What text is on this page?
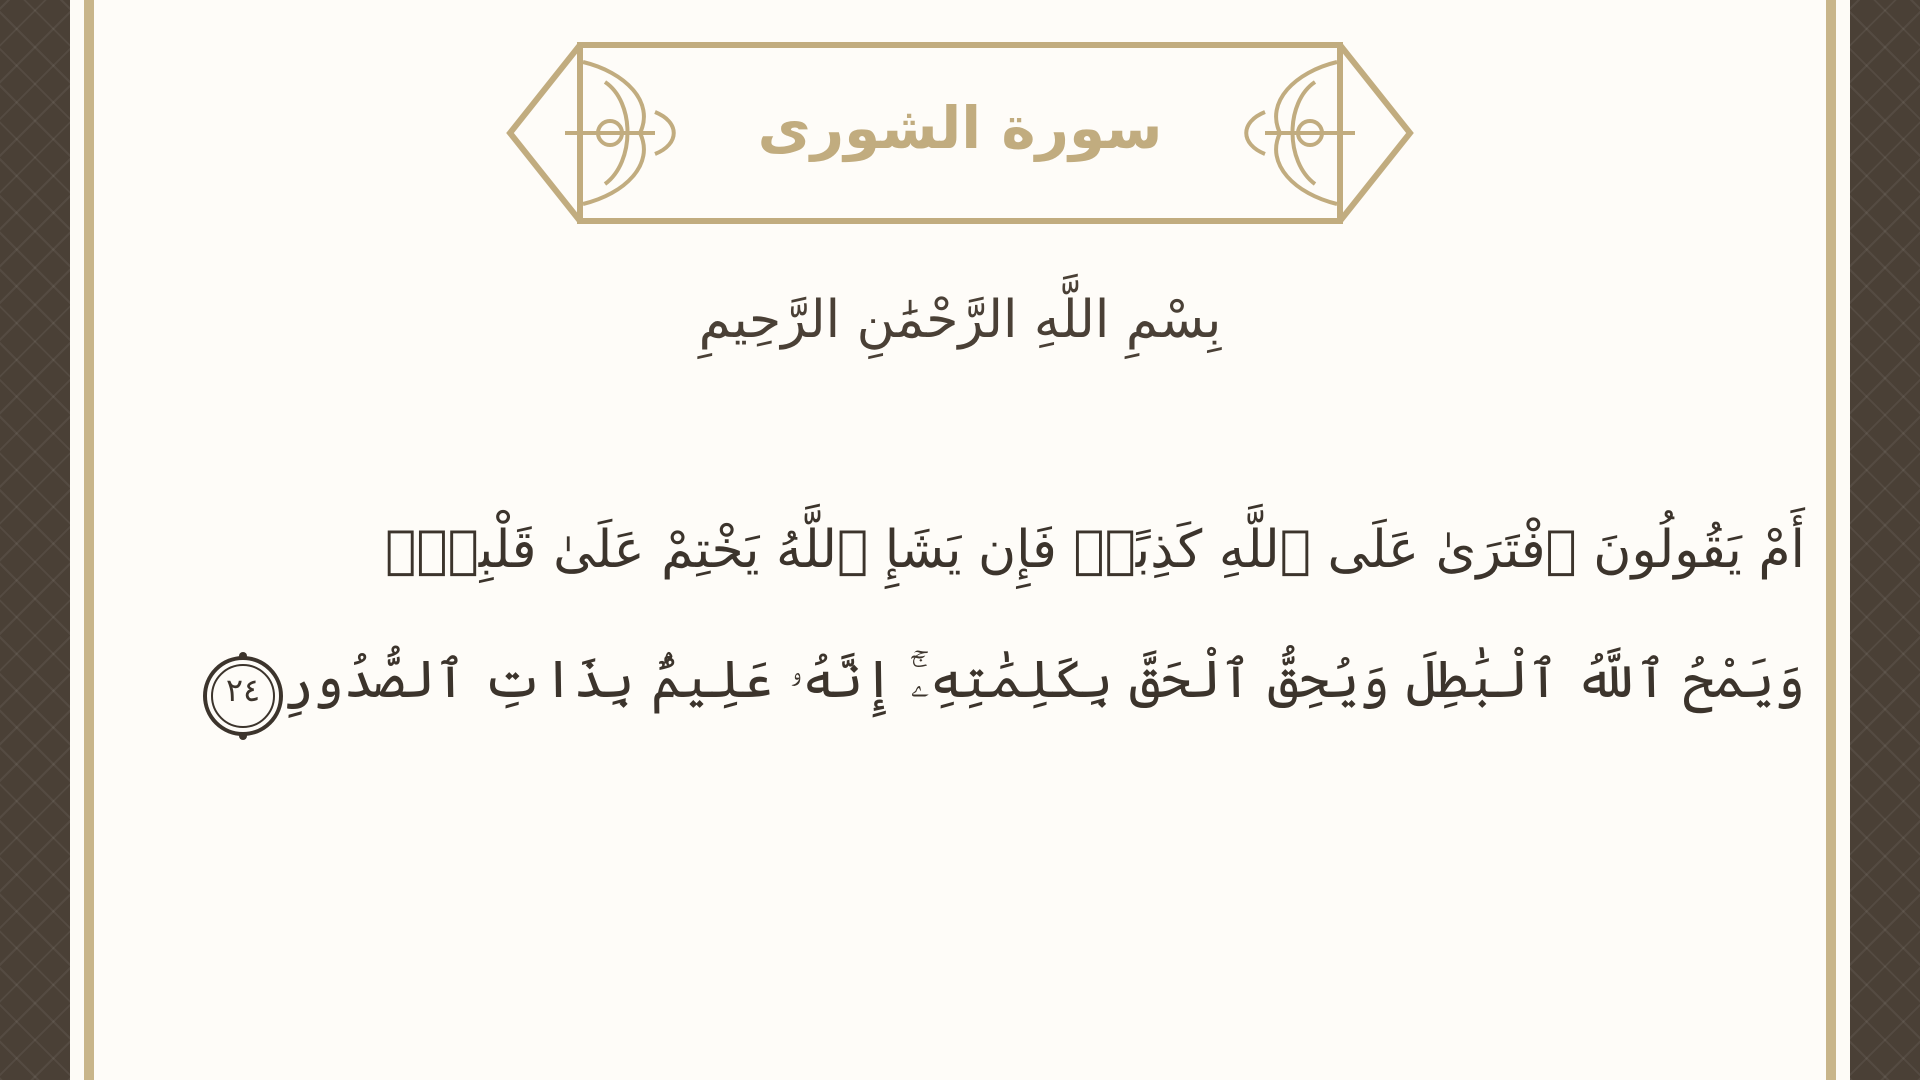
سورة الشورى
بِسْمِ اللَّهِ الرَّحْمَٰنِ الرَّحِيمِ
أَمْ يَقُولُونَ ٱفْتَرَىٰ عَلَى ٱللَّهِ كَذِبًاۖ فَإِن يَشَإِ ٱللَّهُ يَخْتِمْ عَلَىٰ قَلْبِكَۗ
وَيَمْحُ ٱللَّهُ ٱلْبَٰطِلَ وَيُحِقُّ ٱلْحَقَّ بِكَلِمَٰتِهِۦٓۚ إِنَّهُۥ عَلِيمٌۢ بِذَاتِ ٱلصُّدُورِ
٢٤
